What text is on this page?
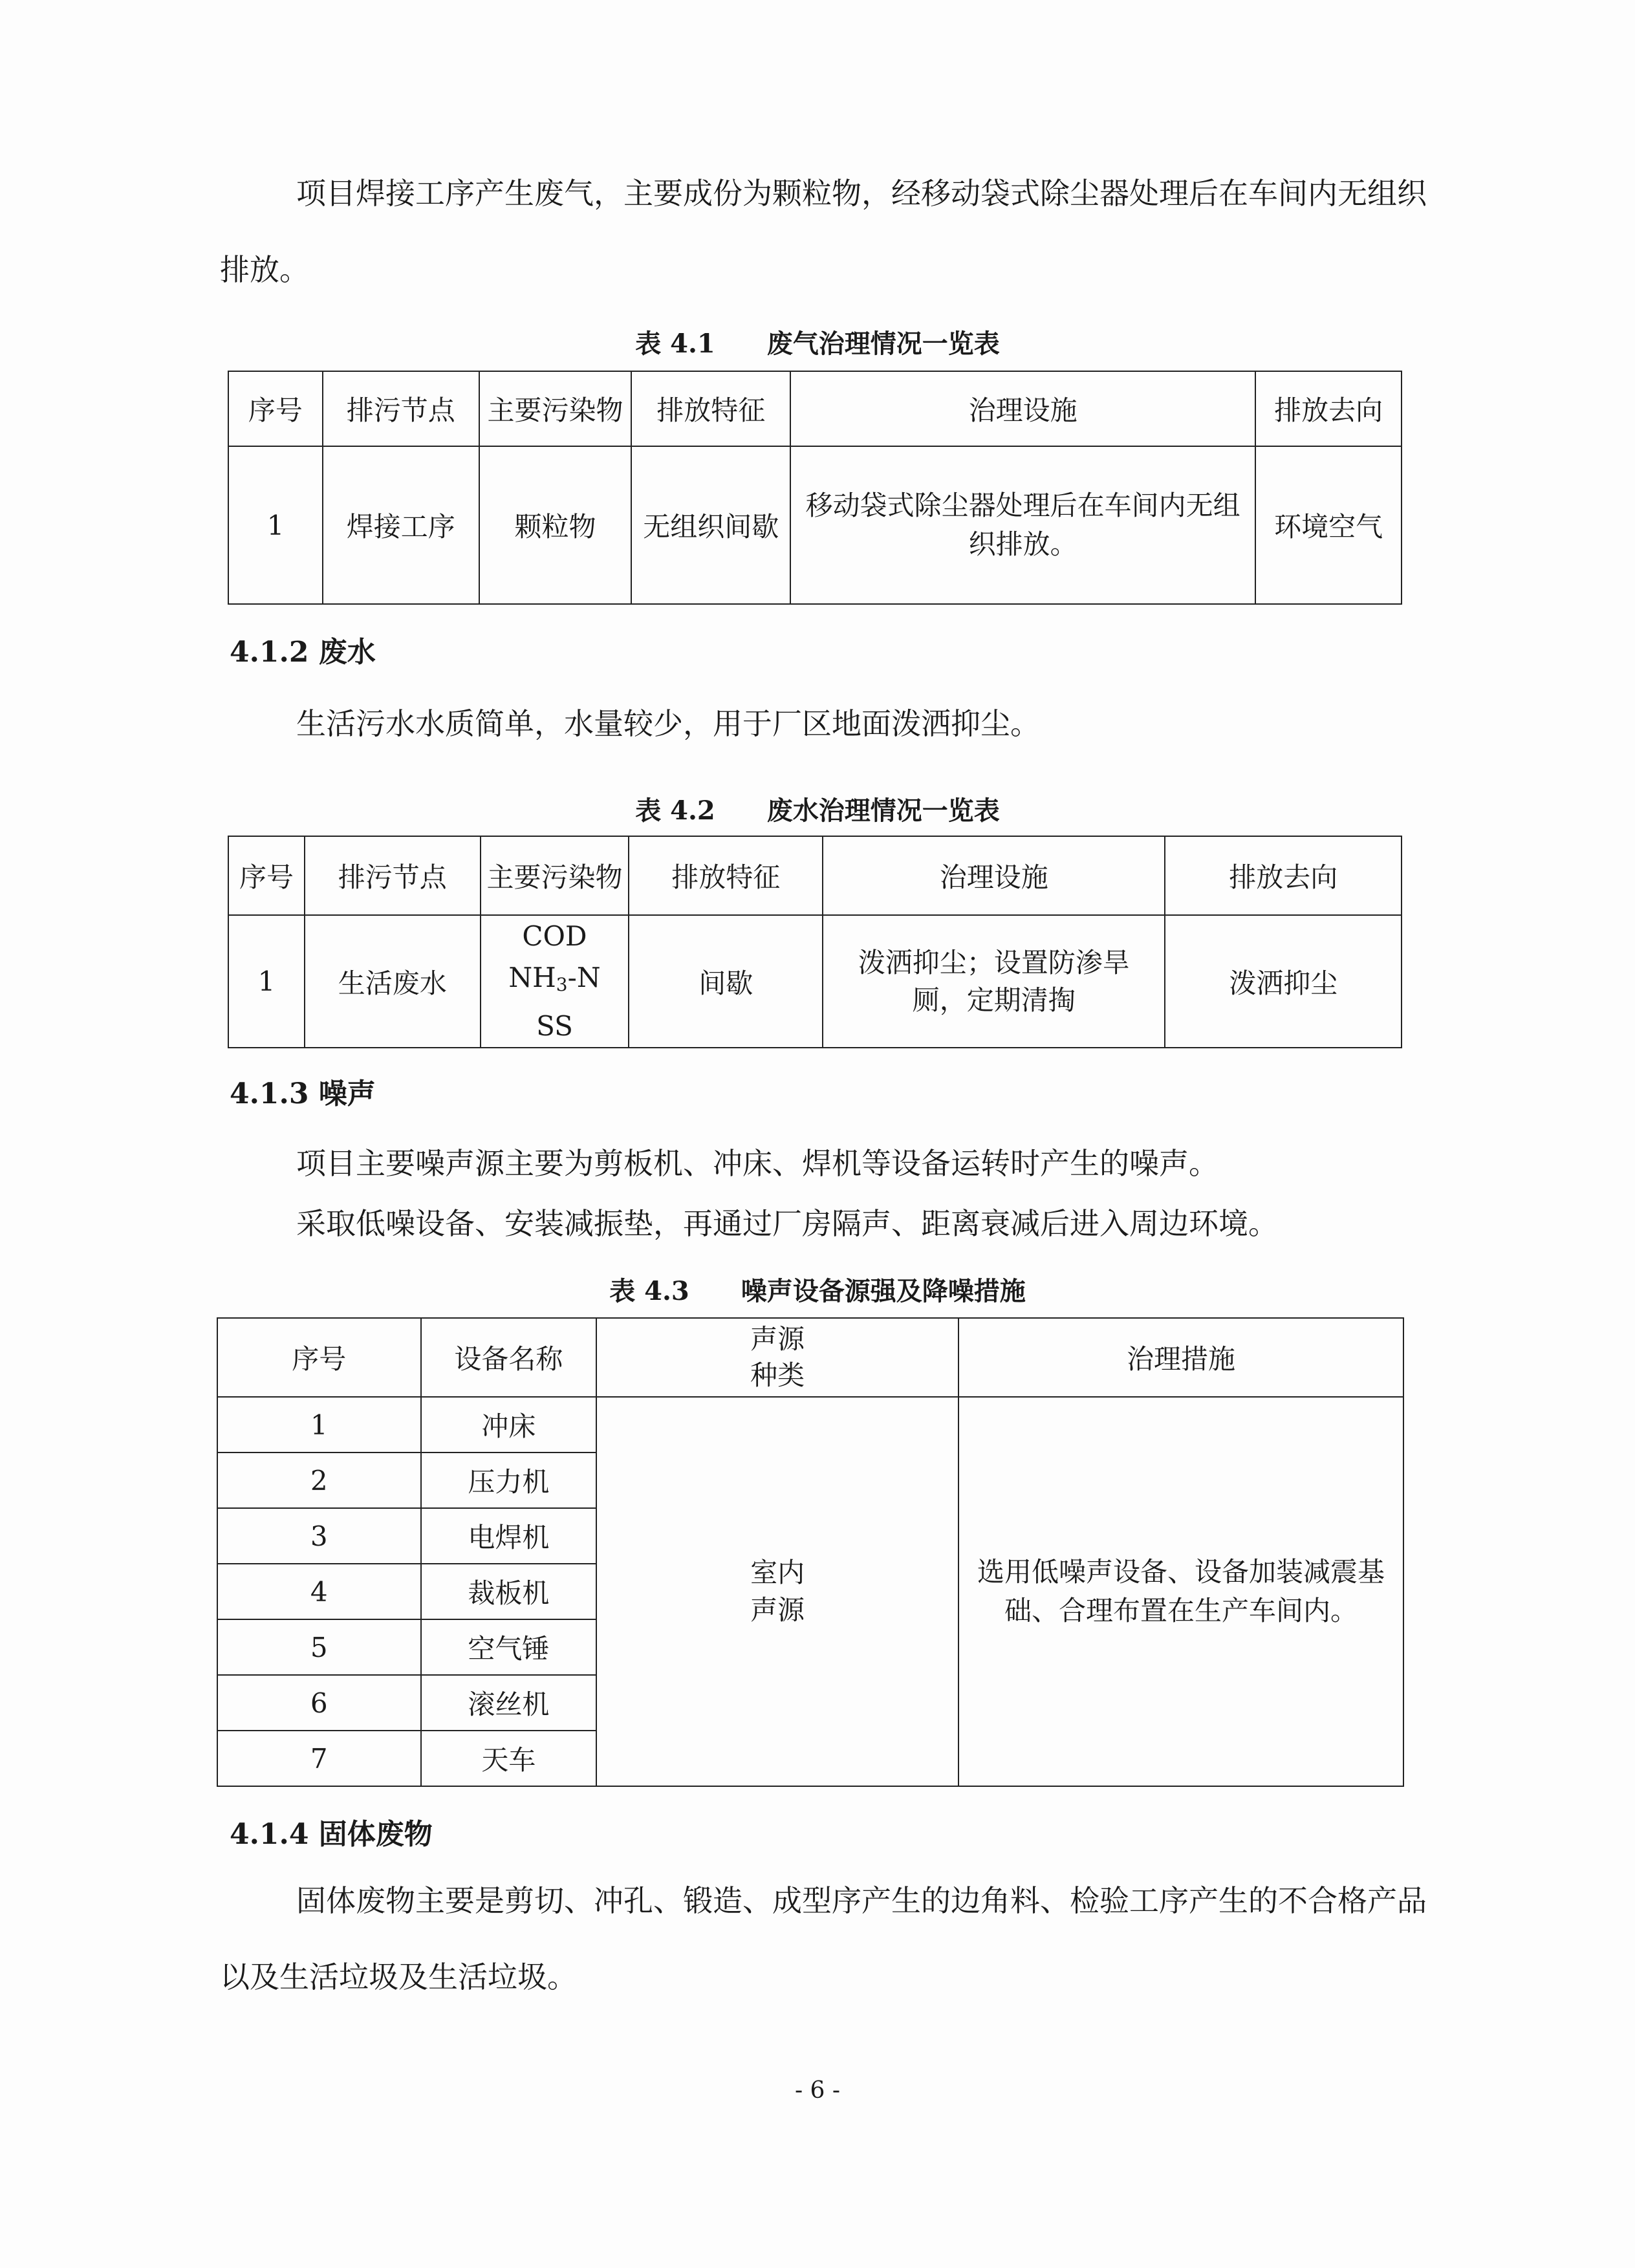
项目焊接工序产生废气，主要成份为颗粒物，经移动袋式除尘器处理后在车间内无组织排放。

表 4.1 废气治理情况一览表

序号	排污节点	主要污染物	排放特征	治理设施	排放去向
1	焊接工序	颗粒物	无组织间歇	移动袋式除尘器处理后在车间内无组织排放。	环境空气

4.1.2 废水

生活污水水质简单，水量较少，用于厂区地面泼洒抑尘。

表 4.2 废水治理情况一览表

序号	排污节点	主要污染物	排放特征	治理设施	排放去向
1	生活废水	COD
$NH_3-N$
SS	间歇	泼洒抑尘；设置防渗旱厕，定期清掏	泼洒抑尘

4.1.3 噪声

项目主要噪声源主要为剪板机、冲床、焊机等设备运转时产生的噪声。

采取低噪设备、安装减振垫，再通过厂房隔声、距离衰减后进入周边环境。

表 4.3 噪声设备源强及降噪措施

序号	设备名称	声源种类	治理措施
1	冲床	室内声源	选用低噪声设备、设备加装减震基础、合理布置在生产车间内。
2	压力机		
3	电焊机		
4	裁板机		
5	空气锤		
6	滚丝机		
7	天车		

4.1.4 固体废物

固体废物主要是剪切、冲孔、锻造、成型序产生的边角料、检验工序产生的不合格产品以及生活垃圾及生活垃圾。

- 6 -
